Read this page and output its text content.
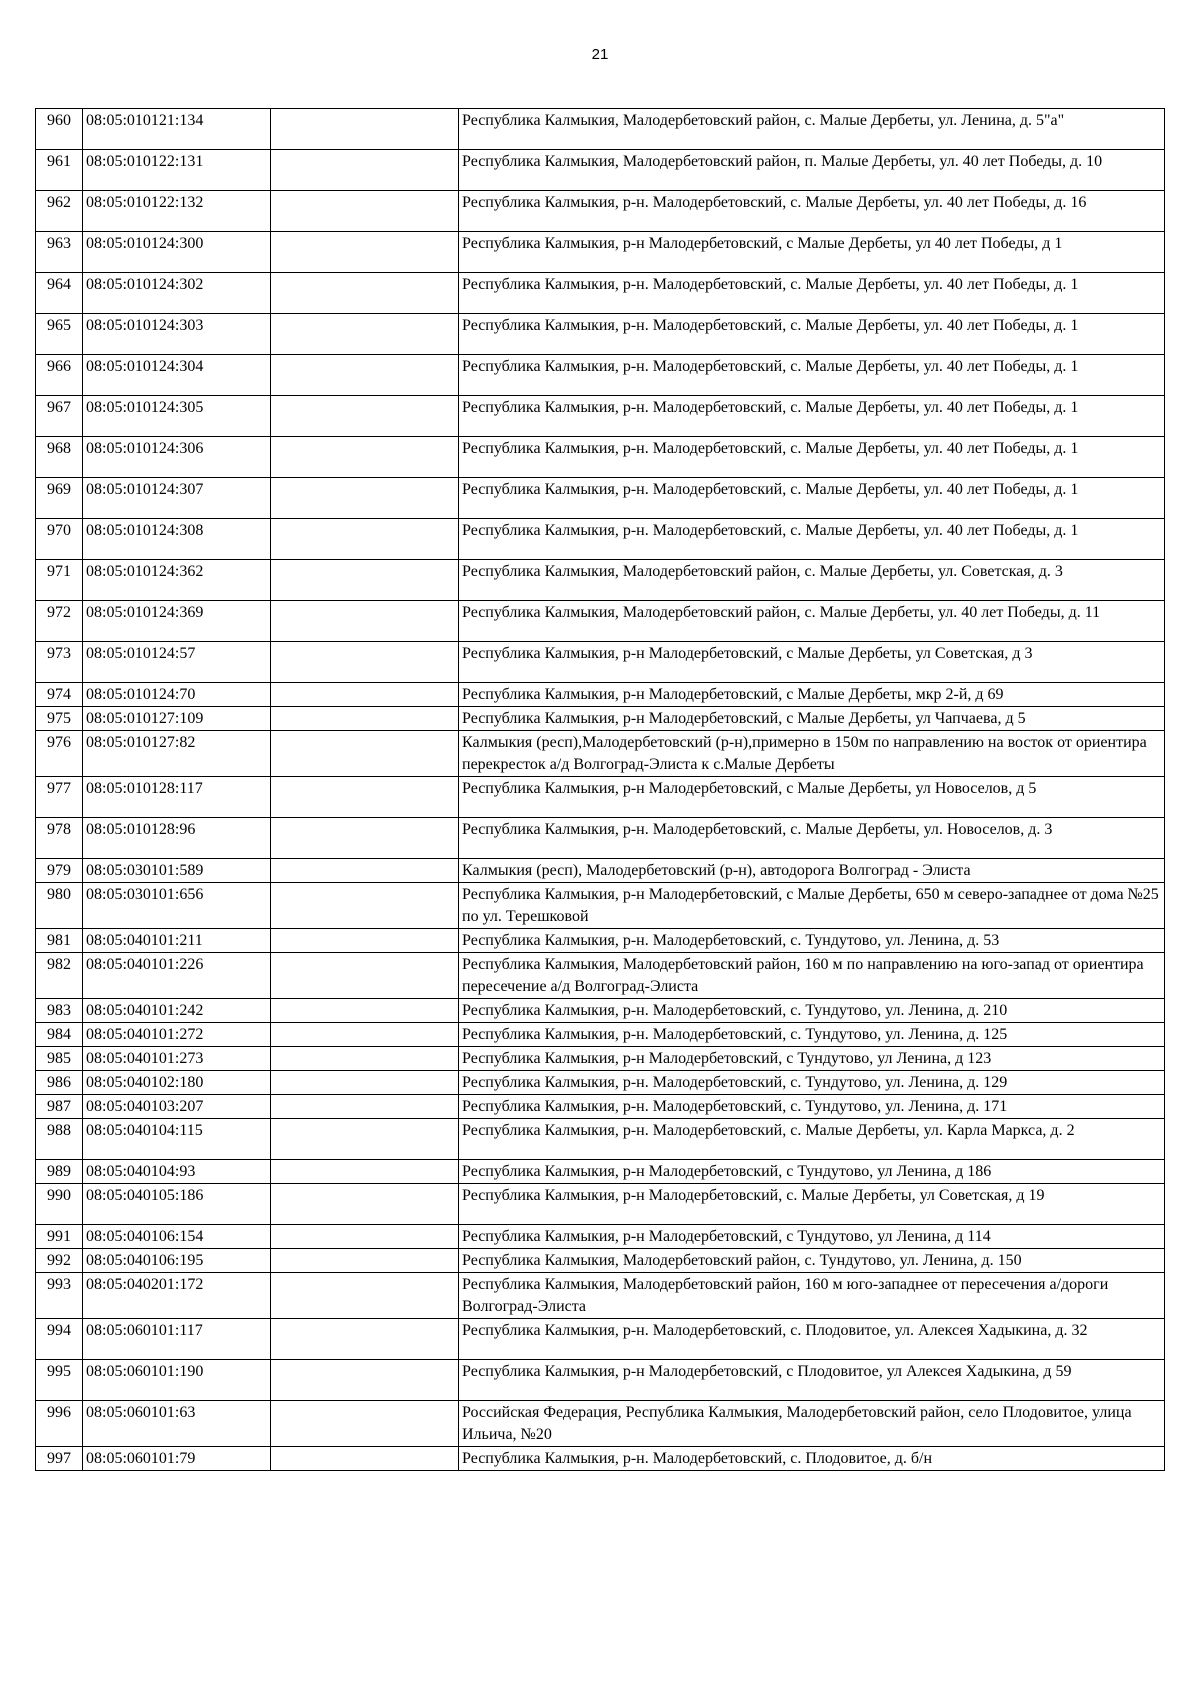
21
960	08:05:010121:134		Республика Калмыкия, Малодербетовский район, с. Малые Дербеты, ул. Ленина, д. 5"а"
961	08:05:010122:131		Республика Калмыкия, Малодербетовский район, п. Малые Дербеты, ул. 40 лет Победы, д. 10
962	08:05:010122:132		Республика Калмыкия, р-н. Малодербетовский, с. Малые Дербеты, ул. 40 лет Победы, д. 16
963	08:05:010124:300		Республика Калмыкия, р-н Малодербетовский, с Малые Дербеты, ул 40 лет Победы, д 1
964	08:05:010124:302		Республика Калмыкия, р-н. Малодербетовский, с. Малые Дербеты, ул. 40 лет Победы, д. 1
965	08:05:010124:303		Республика Калмыкия, р-н. Малодербетовский, с. Малые Дербеты, ул. 40 лет Победы, д. 1
966	08:05:010124:304		Республика Калмыкия, р-н. Малодербетовский, с. Малые Дербеты, ул. 40 лет Победы, д. 1
967	08:05:010124:305		Республика Калмыкия, р-н. Малодербетовский, с. Малые Дербеты, ул. 40 лет Победы, д. 1
968	08:05:010124:306		Республика Калмыкия, р-н. Малодербетовский, с. Малые Дербеты, ул. 40 лет Победы, д. 1
969	08:05:010124:307		Республика Калмыкия, р-н. Малодербетовский, с. Малые Дербеты, ул. 40 лет Победы, д. 1
970	08:05:010124:308		Республика Калмыкия, р-н. Малодербетовский, с. Малые Дербеты, ул. 40 лет Победы, д. 1
971	08:05:010124:362		Республика Калмыкия, Малодербетовский район, с. Малые Дербеты, ул. Советская, д. 3
972	08:05:010124:369		Республика Калмыкия, Малодербетовский район, с. Малые Дербеты, ул. 40 лет Победы, д. 11
973	08:05:010124:57		Республика Калмыкия, р-н Малодербетовский, с Малые Дербеты, ул Советская, д 3
974	08:05:010124:70		Республика Калмыкия, р-н Малодербетовский, с Малые Дербеты, мкр 2-й, д 69
975	08:05:010127:109		Республика Калмыкия, р-н Малодербетовский, с Малые Дербеты, ул Чапчаева, д 5
976	08:05:010127:82		Калмыкия (респ),Малодербетовский (р-н),примерно в 150м по направлению на восток от ориентира перекресток а/д Волгоград-Элиста к с.Малые Дербеты
977	08:05:010128:117		Республика Калмыкия, р-н Малодербетовский, с Малые Дербеты, ул Новоселов, д 5
978	08:05:010128:96		Республика Калмыкия, р-н. Малодербетовский, с. Малые Дербеты, ул. Новоселов, д. 3
979	08:05:030101:589		Калмыкия (респ), Малодербетовский (р-н), автодорога Волгоград - Элиста
980	08:05:030101:656		Республика Калмыкия, р-н Малодербетовский, с Малые Дербеты, 650 м северо-западнее от дома №25 по ул. Терешковой
981	08:05:040101:211		Республика Калмыкия, р-н. Малодербетовский, с. Тундутово, ул. Ленина, д. 53
982	08:05:040101:226		Республика Калмыкия, Малодербетовский район, 160 м по направлению на юго-запад от ориентира пересечение а/д Волгоград-Элиста
983	08:05:040101:242		Республика Калмыкия, р-н. Малодербетовский, с. Тундутово, ул. Ленина, д. 210
984	08:05:040101:272		Республика Калмыкия, р-н. Малодербетовский, с. Тундутово, ул. Ленина, д. 125
985	08:05:040101:273		Республика Калмыкия, р-н Малодербетовский, с Тундутово, ул Ленина, д 123
986	08:05:040102:180		Республика Калмыкия, р-н. Малодербетовский, с. Тундутово, ул. Ленина, д. 129
987	08:05:040103:207		Республика Калмыкия, р-н. Малодербетовский, с. Тундутово, ул. Ленина, д. 171
988	08:05:040104:115		Республика Калмыкия, р-н. Малодербетовский, с. Малые Дербеты, ул. Карла Маркса, д. 2
989	08:05:040104:93		Республика Калмыкия, р-н Малодербетовский, с Тундутово, ул Ленина, д 186
990	08:05:040105:186		Республика Калмыкия, р-н Малодербетовский, с. Малые Дербеты, ул Советская, д 19
991	08:05:040106:154		Республика Калмыкия, р-н Малодербетовский, с Тундутово, ул Ленина, д 114
992	08:05:040106:195		Республика Калмыкия, Малодербетовский район, с. Тундутово, ул. Ленина, д. 150
993	08:05:040201:172		Республика Калмыкия, Малодербетовский район, 160 м юго-западнее от пересечения а/дороги Волгоград-Элиста
994	08:05:060101:117		Республика Калмыкия, р-н. Малодербетовский, с. Плодовитое, ул. Алексея Хадыкина, д. 32
995	08:05:060101:190		Республика Калмыкия, р-н Малодербетовский, с Плодовитое, ул Алексея Хадыкина, д 59
996	08:05:060101:63		Российская Федерация, Республика Калмыкия, Малодербетовский район, село Плодовитое, улица Ильича, №20
997	08:05:060101:79		Республика Калмыкия, р-н. Малодербетовский, с. Плодовитое, д. б/н
